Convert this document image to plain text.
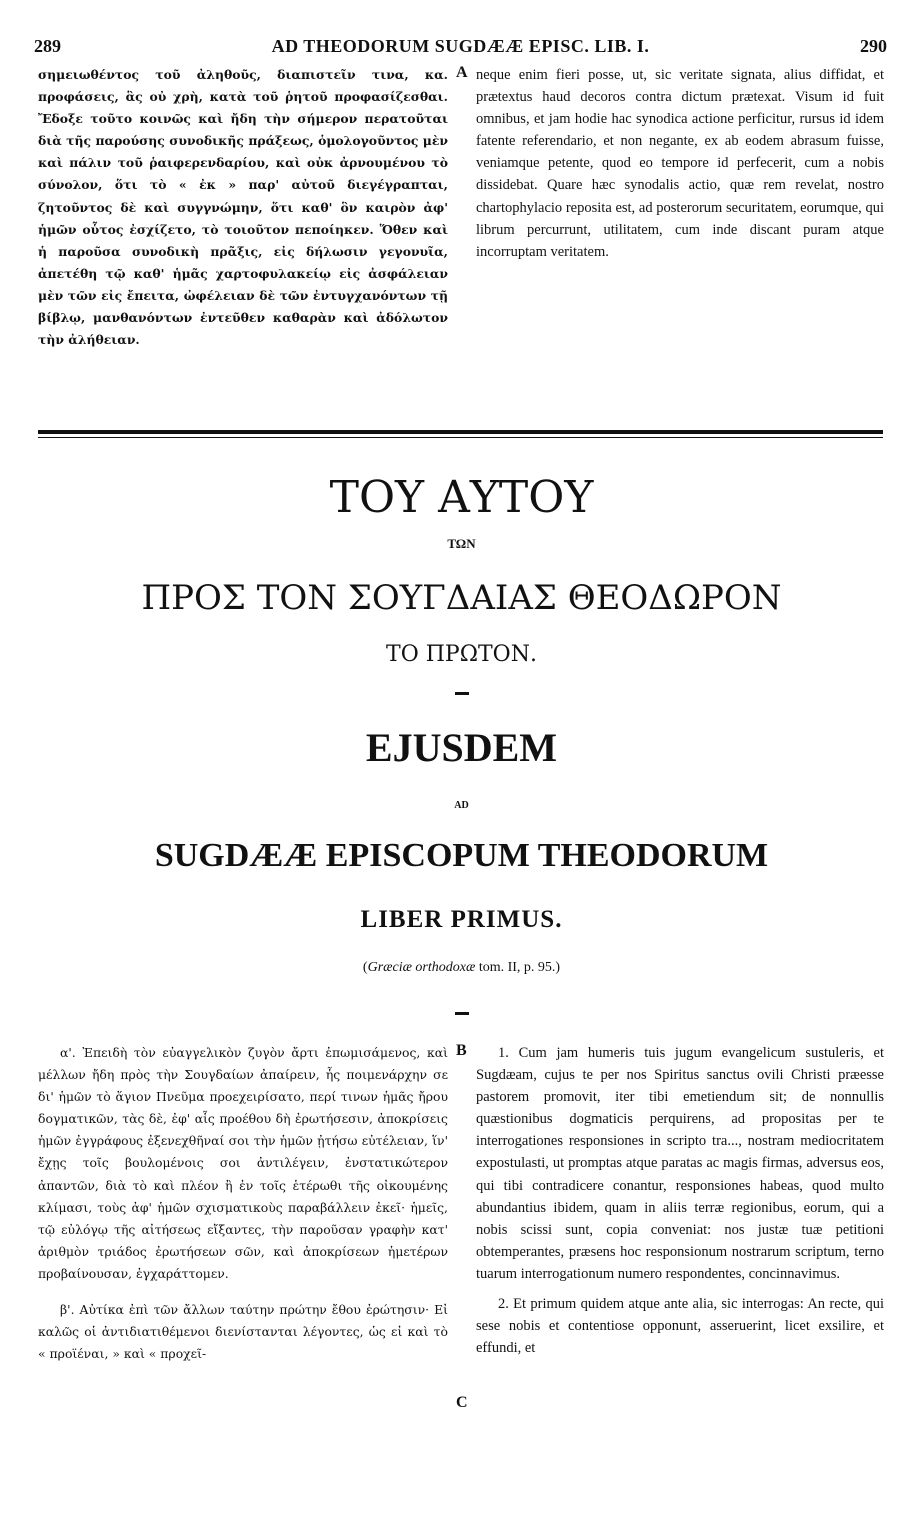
289	AD THEODORUM SUGDÆÆ EPISC. LIB. I.	290

σημειωθέντος τοῦ ἀληθοῦς, διαπιστεῖν τινα, κα. προφάσεις, ἃς οὐ χρὴ, κατὰ τοῦ ῥητοῦ προφασίζεσθαι. Ἔδοξε τοῦτο κοινῶς καὶ ἤδη τὴν σήμερον περατοῦται διὰ τῆς παρούσης συνοδικῆς πράξεως, ὁμολογοῦντος μὲν καὶ πάλιν τοῦ ῥαιφερενδαρίου, καὶ οὐκ ἀρνουμένου τὸ σύνολον, ὅτι τὸ « ἐκ » παρ' αὐτοῦ διεγέγραπται, ζητοῦντος δὲ καὶ συγγνώμην, ὅτι καθ' ὃν καιρὸν ἀφ' ἡμῶν οὗτος ἐσχίζετο, τὸ τοιοῦτον πεποίηκεν. Ὅθεν καὶ ἡ παροῦσα συνοδικὴ πρᾶξις, εἰς δήλωσιν γεγονυῖα, ἀπετέθη τῷ καθ' ἡμᾶς χαρτοφυλακείῳ εἰς ἀσφάλειαν μὲν τῶν εἰς ἔπειτα, ὠφέλειαν δὲ τῶν ἐντυγχανόντων τῇ βίβλῳ, μανθανόντων ἐντεῦθεν καθαρὰν καὶ ἀδόλωτον τὴν ἀλήθειαν.

A neque enim fieri posse, ut, sic veritate signata, alius diffidat, et prætextus haud decoros contra dictum prætexat. Visum id fuit omnibus, et jam hodie hac synodica actione perficitur, rursus id idem fatente referendario, et non negante, ex ab eodem abrasum fuisse, veniamque petente, quod eo tempore id perfecerit, cum a nobis dissidebat. Quare hæc synodalis actio, quæ rem revelat, nostro chartophylacio reposita est, ad posterorum securitatem, eorumque, qui librum percurrunt, utilitatem, cum inde discant puram atque incorruptam veritatem.

ΤΟΥ ΑΥΤΟΥ
ΤΩΝ
ΠΡΟΣ ΤΟΝ ΣΟΥΓΔΑΙΑΣ ΘΕΟΔΩΡΟΝ
ΤΟ ΠΡΩΤΟΝ.
EJUSDEM
AD
SUGDÆÆ EPISCOPUM THEODORUM
LIBER PRIMUS.
(Græciæ orthodoxæ tom. II, p. 95.)

α'. Ἐπειδὴ τὸν εὐαγγελικὸν ζυγὸν ἄρτι ἐπωμισάμενος, καὶ μέλλων ἤδη πρὸς τὴν Σουγδαίων ἀπαίρειν, ἧς ποιμενάρχην σε δι' ἡμῶν τὸ ἅγιον Πνεῦμα προεχειρίσατο, περί τινων ἡμᾶς ἤρου δογματικῶν, τὰς δὲ, ἐφ' αἷς προέθου δὴ ἐρωτήσεσιν, ἀποκρίσεις ἡμῶν ἐγγράφους ἐξενεχθῆναί σοι τὴν ἡμῶν ᾐτήσω εὐτέλειαν, ἵν' ἔχῃς τοῖς βουλομένοις σοι ἀντιλέγειν, ἐνστατικώτερον ἀπαντῶν, διὰ τὸ καὶ πλέον ἢ ἐν τοῖς ἑτέρωθι τῆς οἰκουμένης κλίμασι, τοὺς ἀφ' ἡμῶν σχισματικοὺς παραβάλλειν ἐκεῖ· ἡμεῖς, τῷ εὐλόγῳ τῆς αἰτήσεως εἴξαντες, τὴν παροῦσαν γραφὴν κατ' ἀριθμὸν τριάδος ἐρωτήσεων σῶν, καὶ ἀποκρίσεων ἡμετέρων προβαίνουσαν, ἐγχαράττομεν.

β'. Αὐτίκα ἐπὶ τῶν ἄλλων ταύτην πρώτην ἔθου ἐρώτησιν· Εἰ καλῶς οἱ ἀντιδιατιθέμενοι διενίστανται λέγοντες, ὡς εἰ καὶ τὸ « προϊέναι, » καὶ « προχεῖ-

B
C

1. Cum jam humeris tuis jugum evangelicum sustuleris, et Sugdæam, cujus te per nos Spiritus sanctus ovili Christi præesse pastorem promovit, iter tibi emetiendum sit; de nonnullis quæstionibus dogmaticis perquirens, ad propositas per te interrogationes responsiones in scripto tra..., nostram mediocritatem expostulasti, ut promptas atque paratas ac magis firmas, adversus eos, qui tibi contradicere conantur, responsiones habeas, quod multo abundantius ibidem, quam in aliis terræ regionibus, eorum, qui a nobis scissi sunt, copia conveniat: nos justæ tuæ petitioni obtemperantes, præsens hoc responsionum nostrarum scriptum, terno tuarum interrogationum numero respondentes, concinnavimus.

2. Et primum quidem atque ante alia, sic interrogas: An recte, qui sese nobis et contentiose opponunt, asseruerint, licet exsilire, et effundi, et
